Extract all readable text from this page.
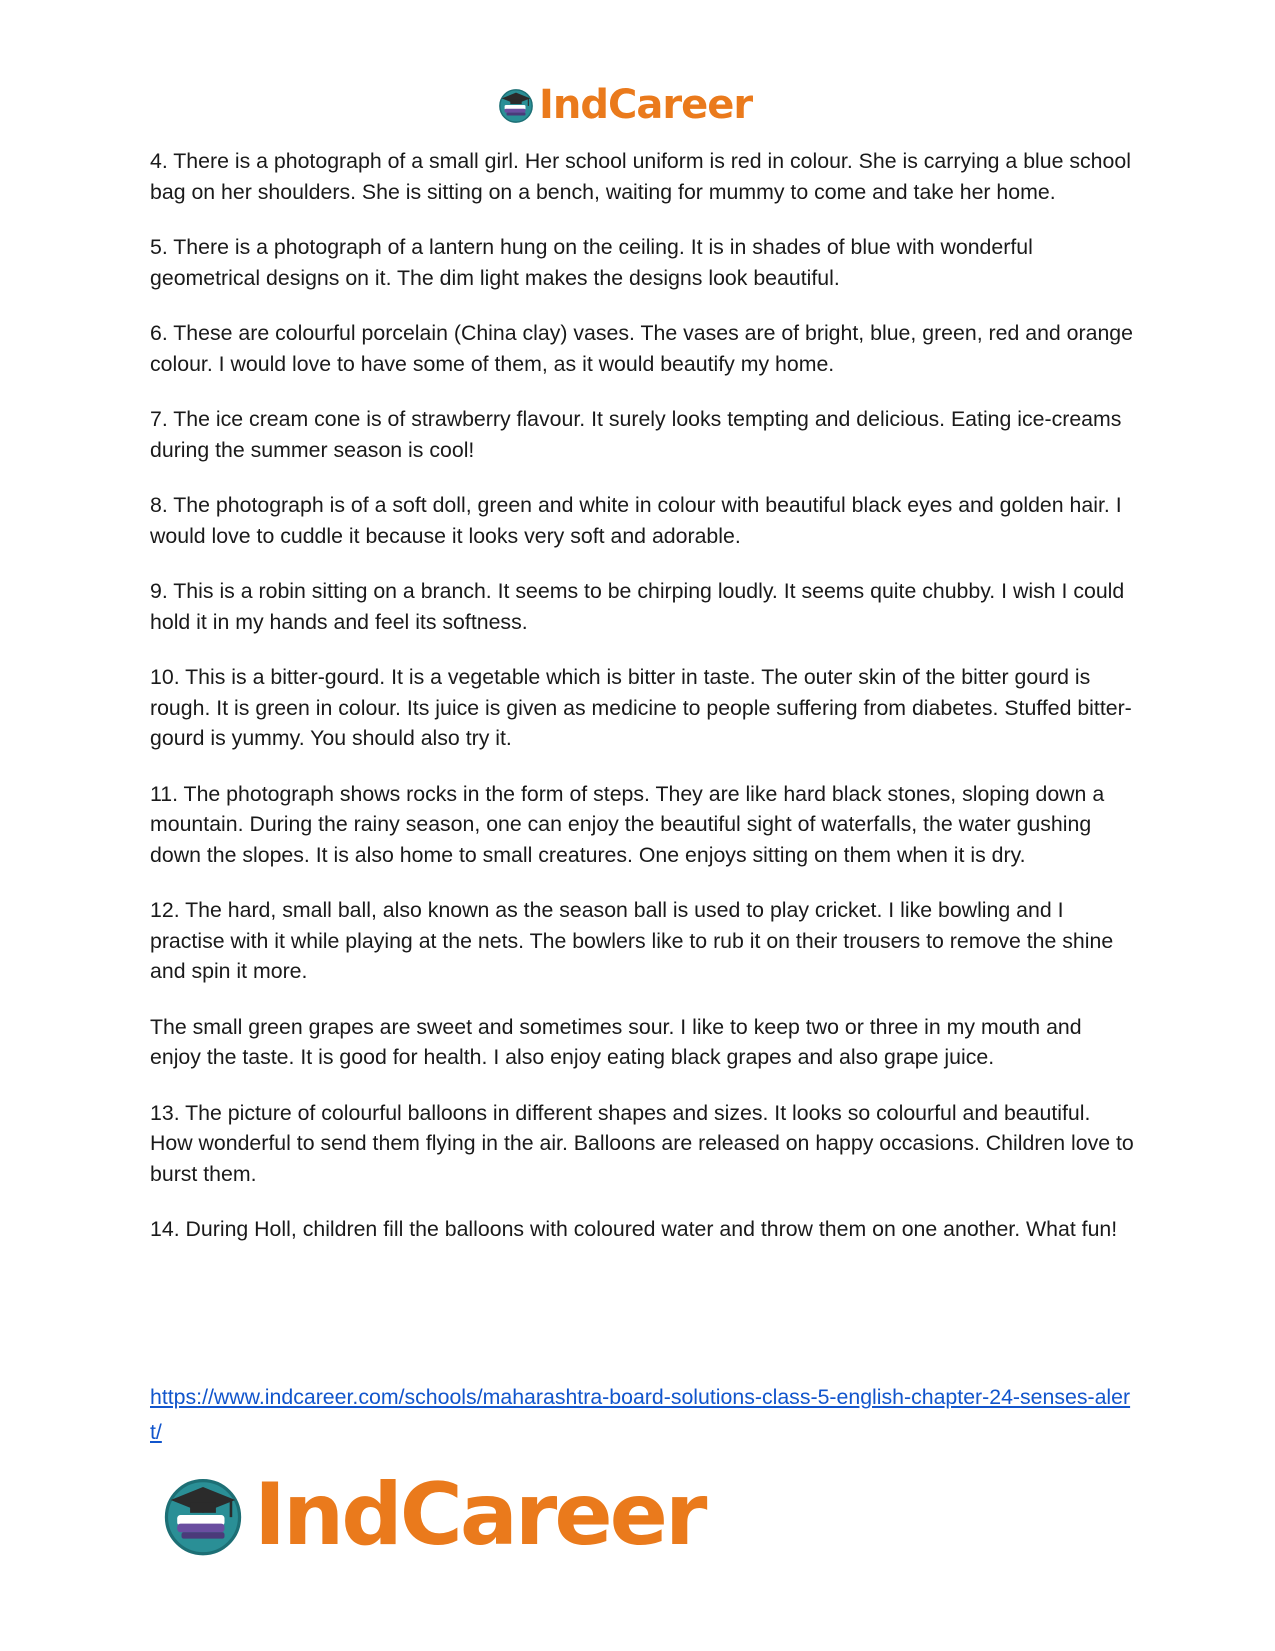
IndCareer

4. There is a photograph of a small girl. Her school uniform is red in colour. She is carrying a blue school bag on her shoulders. She is sitting on a bench, waiting for mummy to come and take her home.

5. There is a photograph of a lantern hung on the ceiling. It is in shades of blue with wonderful geometrical designs on it. The dim light makes the designs look beautiful.

6. These are colourful porcelain (China clay) vases. The vases are of bright, blue, green, red and orange colour. I would love to have some of them, as it would beautify my home.

7. The ice cream cone is of strawberry flavour. It surely looks tempting and delicious. Eating ice-creams during the summer season is cool!

8. The photograph is of a soft doll, green and white in colour with beautiful black eyes and golden hair. I would love to cuddle it because it looks very soft and adorable.

9. This is a robin sitting on a branch. It seems to be chirping loudly. It seems quite chubby. I wish I could hold it in my hands and feel its softness.

10. This is a bitter-gourd. It is a vegetable which is bitter in taste. The outer skin of the bitter gourd is rough. It is green in colour. Its juice is given as medicine to people suffering from diabetes. Stuffed bitter-gourd is yummy. You should also try it.

11. The photograph shows rocks in the form of steps. They are like hard black stones, sloping down a mountain. During the rainy season, one can enjoy the beautiful sight of waterfalls, the water gushing down the slopes. It is also home to small creatures. One enjoys sitting on them when it is dry.

12. The hard, small ball, also known as the season ball is used to play cricket. I like bowling and I practise with it while playing at the nets. The bowlers like to rub it on their trousers to remove the shine and spin it more.

The small green grapes are sweet and sometimes sour. I like to keep two or three in my mouth and enjoy the taste. It is good for health. I also enjoy eating black grapes and also grape juice.

13. The picture of colourful balloons in different shapes and sizes. It looks so colourful and beautiful. How wonderful to send them flying in the air. Balloons are released on happy occasions. Children love to burst them.

14. During Holl, children fill the balloons with coloured water and throw them on one another. What fun!

https://www.indcareer.com/schools/maharashtra-board-solutions-class-5-english-chapter-24-senses-alert/
IndCareer
